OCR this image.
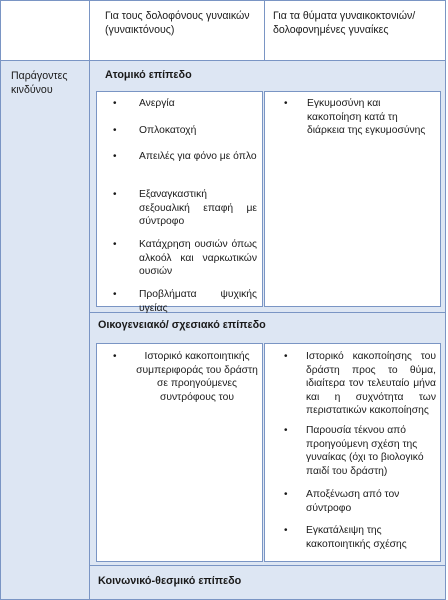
Για τους δολοφόνους γυναικών (γυναικτόνους)
Για τα θύματα γυναικοκτονιών/δολοφονημένες γυναίκες
Παράγοντες κινδύνου
Ατομικό επίπεδο
• Ανεργία
• Οπλοκατοχή
• Απειλές για φόνο με όπλο
• Εξαναγκαστική σεξουαλική επαφή με σύντροφο
• Κατάχρηση ουσιών όπως αλκοόλ και ναρκωτικών ουσιών
• Προβλήματα ψυχικής υγείας
• Εγκυμοσύνη και κακοποίηση κατά τη διάρκεια της εγκυμοσύνης
Οικογενειακό/ σχεσιακό επίπεδο
•	Ιστορικό κακοποιητικής συμπεριφοράς του δράστη σε προηγούμενες συντρόφους του
• Ιστορικό κακοποίησης του δράστη προς το θύμα, ιδιαίτερα τον τελευταίο μήνα και η συχνότητα των περιστατικών κακοποίησης
• Παρουσία τέκνου από προηγούμενη σχέση της γυναίκας (όχι το βιολογικό παιδί του δράστη)
• Αποξένωση από τον σύντροφο
• Εγκατάλειψη της κακοποιητικής σχέσης
Κοινωνικό-θεσμικό επίπεδο
